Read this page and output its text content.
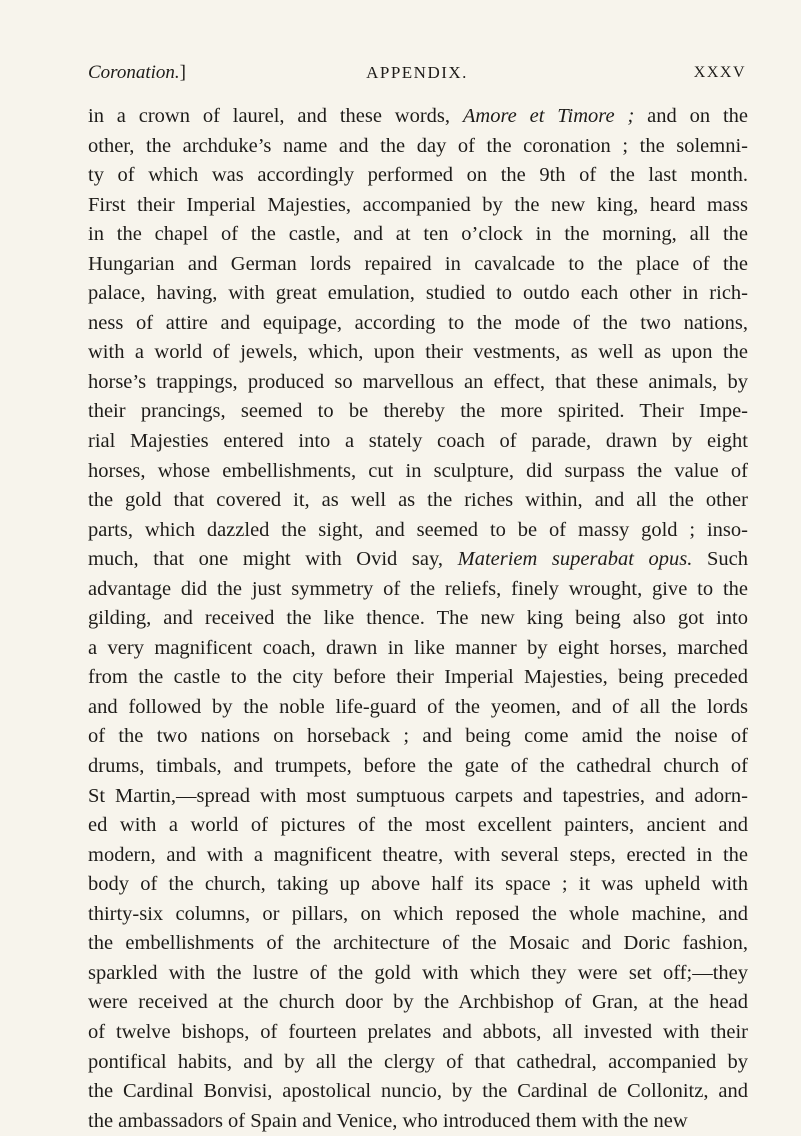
Coronation.]	APPENDIX.	XXXV
in a crown of laurel, and these words, Amore et Timore ; and on the
other, the archduke’s name and the day of the coronation ; the solemni-
ty of which was accordingly performed on the 9th of the last month.
First their Imperial Majesties, accompanied by the new king, heard mass
in the chapel of the castle, and at ten o’clock in the morning, all the
Hungarian and German lords repaired in cavalcade to the place of the
palace, having, with great emulation, studied to outdo each other in rich-
ness of attire and equipage, according to the mode of the two nations,
with a world of jewels, which, upon their vestments, as well as upon the
horse’s trappings, produced so marvellous an effect, that these animals, by
their prancings, seemed to be thereby the more spirited. Their Impe-
rial Majesties entered into a stately coach of parade, drawn by eight
horses, whose embellishments, cut in sculpture, did surpass the value of
the gold that covered it, as well as the riches within, and all the other
parts, which dazzled the sight, and seemed to be of massy gold ; inso-
much, that one might with Ovid say, Materiem superabat opus. Such
advantage did the just symmetry of the reliefs, finely wrought, give to the
gilding, and received the like thence. The new king being also got into
a very magnificent coach, drawn in like manner by eight horses, marched
from the castle to the city before their Imperial Majesties, being preceded
and followed by the noble life-guard of the yeomen, and of all the lords
of the two nations on horseback ; and being come amid the noise of
drums, timbals, and trumpets, before the gate of the cathedral church of
St Martin,—spread with most sumptuous carpets and tapestries, and adorn-
ed with a world of pictures of the most excellent painters, ancient and
modern, and with a magnificent theatre, with several steps, erected in the
body of the church, taking up above half its space ; it was upheld with
thirty-six columns, or pillars, on which reposed the whole machine, and
the embellishments of the architecture of the Mosaic and Doric fashion,
sparkled with the lustre of the gold with which they were set off;—they
were received at the church door by the Archbishop of Gran, at the head
of twelve bishops, of fourteen prelates and abbots, all invested with their
pontifical habits, and by all the clergy of that cathedral, accompanied by
the Cardinal Bonvisi, apostolical nuncio, by the Cardinal de Collonitz, and
the ambassadors of Spain and Venice, who introduced them with the new
